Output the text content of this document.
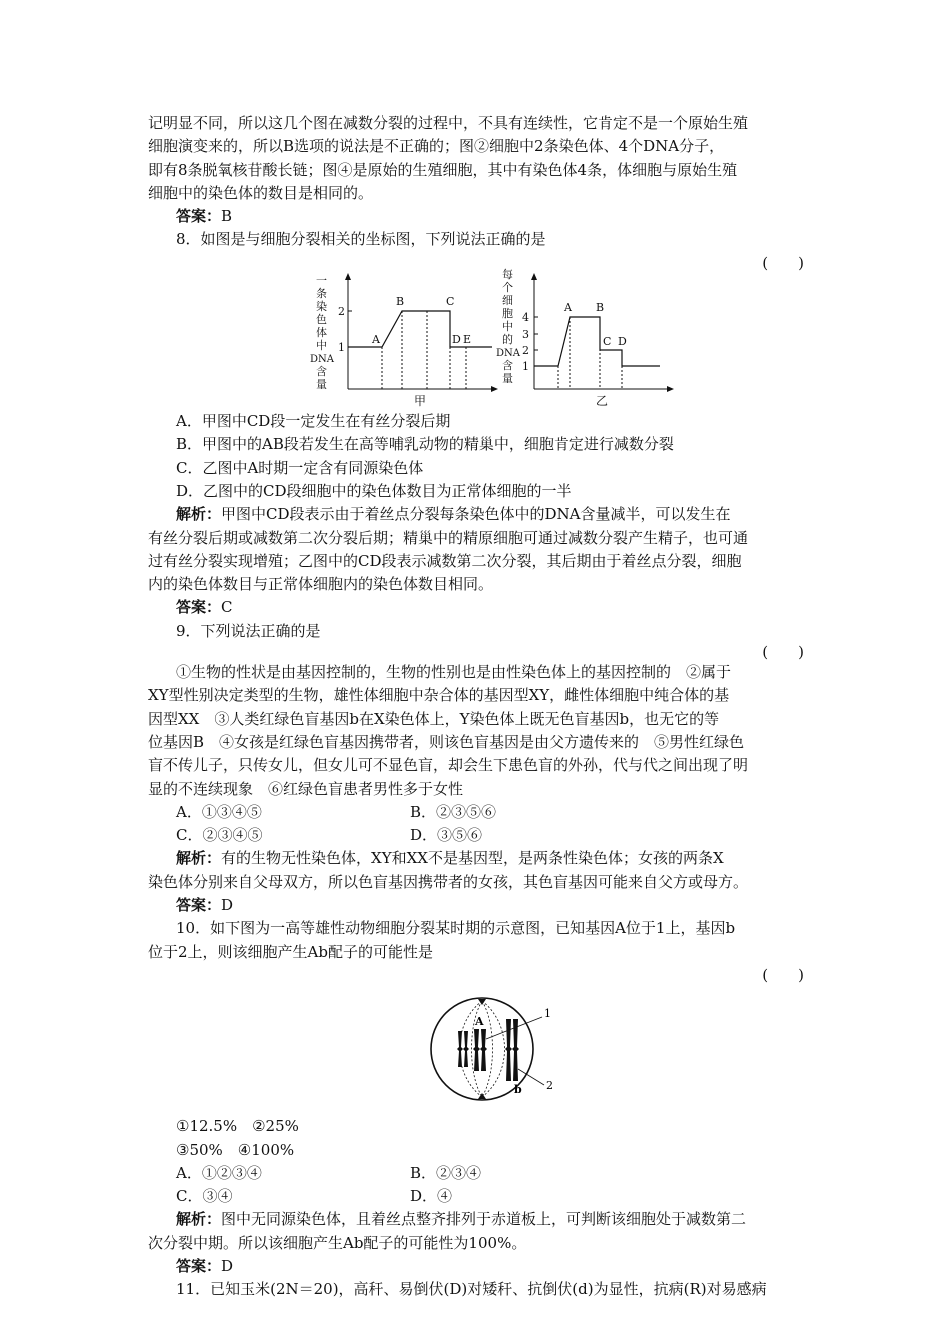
记明显不同，所以这几个图在减数分裂的过程中，不具有连续性，它肯定不是一个原始生殖

细胞演变来的，所以B选项的说法是不正确的；图②细胞中2条染色体、4个DNA分子，

即有8条脱氧核苷酸长链；图④是原始的生殖细胞，其中有染色体4条，体细胞与原始生殖

细胞中的染色体的数目是相同的。

答案：B

8．如图是与细胞分裂相关的坐标图，下列说法正确的是

(　　)

一
条
染
色
体
中
DNA
含
量
2
1
A
B	C
D E
甲
每
个
细
胞
中
的
DNA
含
量
4
3
2
1
A B
C D
乙

A．甲图中CD段一定发生在有丝分裂后期

B．甲图中的AB段若发生在高等哺乳动物的精巢中，细胞肯定进行减数分裂

C．乙图中A时期一定含有同源染色体

D．乙图中的CD段细胞中的染色体数目为正常体细胞的一半

解析：甲图中CD段表示由于着丝点分裂每条染色体中的DNA含量减半，可以发生在

有丝分裂后期或减数第二次分裂后期；精巢中的精原细胞可通过减数分裂产生精子，也可通

过有丝分裂实现增殖；乙图中的CD段表示减数第二次分裂，其后期由于着丝点分裂，细胞

内的染色体数目与正常体细胞内的染色体数目相同。

答案：C

9．下列说法正确的是

(　　)

①生物的性状是由基因控制的，生物的性别也是由性染色体上的基因控制的　②属于

XY型性别决定类型的生物，雄性体细胞中杂合体的基因型XY，雌性体细胞中纯合体的基

因型XX　③人类红绿色盲基因b在X染色体上，Y染色体上既无色盲基因b，也无它的等

位基因B　④女孩是红绿色盲基因携带者，则该色盲基因是由父方遗传来的　⑤男性红绿色

盲不传儿子，只传女儿，但女儿可不显色盲，却会生下患色盲的外孙，代与代之间出现了明

显的不连续现象　⑥红绿色盲患者男性多于女性

A．①③④⑤	B．②③⑤⑥
C．②③④⑤	D．③⑤⑥

解析：有的生物无性染色体，XY和XX不是基因型，是两条性染色体；女孩的两条X

染色体分别来自父母双方，所以色盲基因携带者的女孩，其色盲基因可能来自父方或母方。

答案：D

10．如下图为一高等雄性动物细胞分裂某时期的示意图，已知基因A位于1上，基因b

位于2上，则该细胞产生Ab配子的可能性是

(　　)

A
b
1
2

①12.5%　②25%

③50%　④100%

A．①②③④	B．②③④
C．③④	D．④

解析：图中无同源染色体，且着丝点整齐排列于赤道板上，可判断该细胞处于减数第二

次分裂中期。所以该细胞产生Ab配子的可能性为100%。

答案：D

11．已知玉米(2N＝20)，高秆、易倒伏(D)对矮秆、抗倒伏(d)为显性，抗病(R)对易感病
